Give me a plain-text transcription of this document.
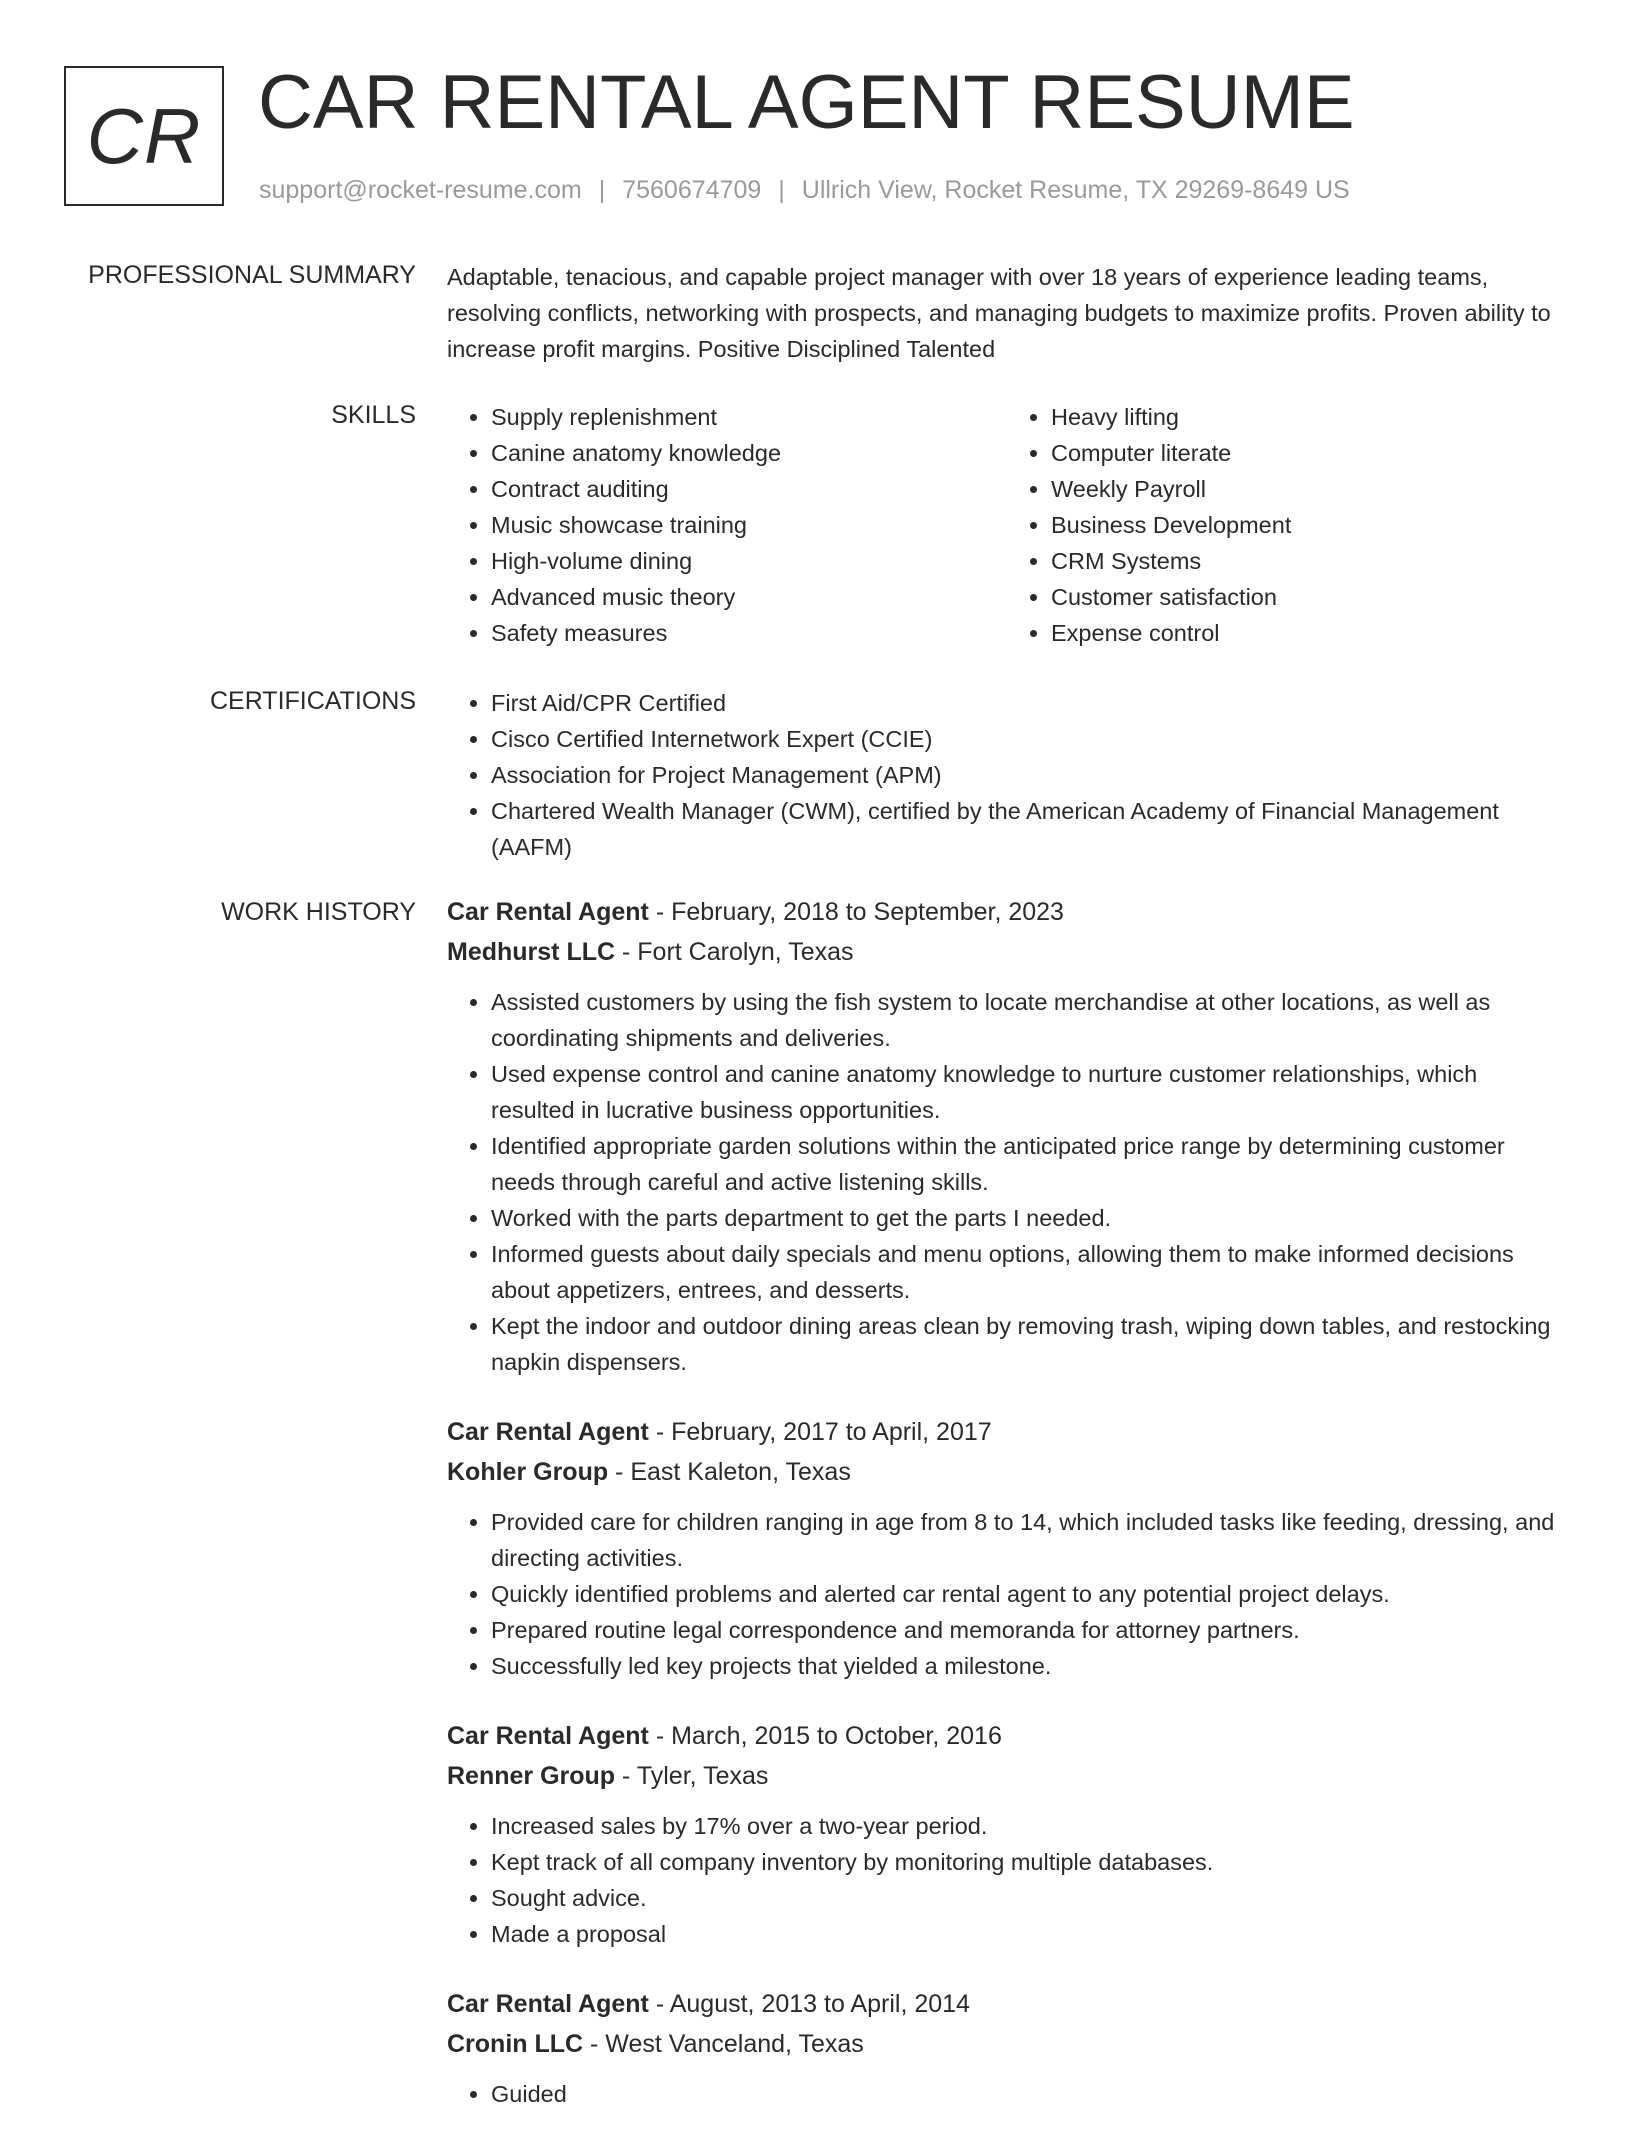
CR CAR RENTAL AGENT RESUME
support@rocket-resume.com | 7560674709 | Ullrich View, Rocket Resume, TX 29269-8649 US
PROFESSIONAL SUMMARY Adaptable, tenacious, and capable project manager with over 18 years of experience leading teams, resolving conflicts, networking with prospects, and managing budgets to maximize profits. Proven ability to increase profit margins. Positive Disciplined Talented
SKILLS	• Supply replenishment
• Canine anatomy knowledge
• Contract auditing
• Music showcase training
• High-volume dining
• Advanced music theory
• Safety measures
• Heavy lifting
• Computer literate
• Weekly Payroll
• Business Development
• CRM Systems
• Customer satisfaction
• Expense control
CERTIFICATIONS	• First Aid/CPR Certified
• Cisco Certified Internetwork Expert (CCIE)
• Association for Project Management (APM)
• Chartered Wealth Manager (CWM), certified by the American Academy of Financial Management (AAFM)
WORK HISTORY Car Rental Agent - February, 2018 to September, 2023
Medhurst LLC - Fort Carolyn, Texas
• Assisted customers by using the fish system to locate merchandise at other locations, as well as coordinating shipments and deliveries.
• Used expense control and canine anatomy knowledge to nurture customer relationships, which resulted in lucrative business opportunities.
• Identified appropriate garden solutions within the anticipated price range by determining customer needs through careful and active listening skills.
• Worked with the parts department to get the parts I needed.
• Informed guests about daily specials and menu options, allowing them to make informed decisions about appetizers, entrees, and desserts.
• Kept the indoor and outdoor dining areas clean by removing trash, wiping down tables, and restocking napkin dispensers.
Car Rental Agent - February, 2017 to April, 2017
Kohler Group - East Kaleton, Texas
• Provided care for children ranging in age from 8 to 14, which included tasks like feeding, dressing, and directing activities.
• Quickly identified problems and alerted car rental agent to any potential project delays.
• Prepared routine legal correspondence and memoranda for attorney partners.
• Successfully led key projects that yielded a milestone.
Car Rental Agent - March, 2015 to October, 2016
Renner Group - Tyler, Texas
• Increased sales by 17% over a two-year period.
• Kept track of all company inventory by monitoring multiple databases.
• Sought advice.
• Made a proposal
Car Rental Agent - August, 2013 to April, 2014
Cronin LLC - West Vanceland, Texas
• Guided
